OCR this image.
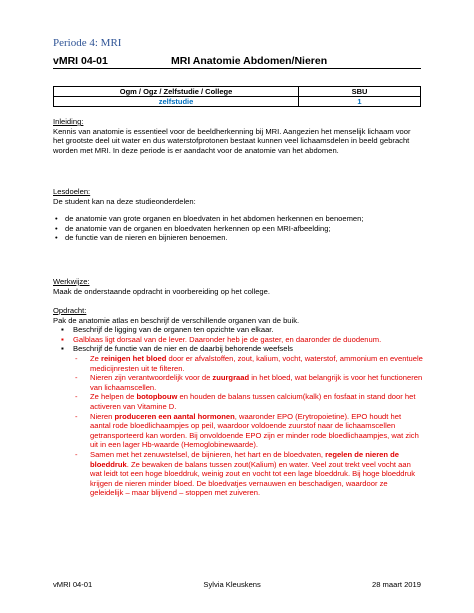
Periode 4: MRI
vMRI 04-01	MRI Anatomie Abdomen/Nieren
Ogm / Ogz / Zelfstudie / College	SBU
zelfstudie	1

Inleiding:

Kennis van anatomie is essentieel voor de beeldherkenning bij MRI. Aangezien het menselijk lichaam voor het grootste deel uit water en dus waterstofprotonen bestaat kunnen veel lichaamsdelen in beeld gebracht worden met MRI. In deze periode is er aandacht voor de anatomie van het abdomen.

Lesdoelen:

De student kan na deze studieonderdelen:

• de anatomie van grote organen en bloedvaten in het abdomen herkennen en benoemen;
• de anatomie van de organen en bloedvaten herkennen op een MRI-afbeelding;
• de functie van de nieren en bijnieren benoemen.

Werkwijze:

Maak de onderstaande opdracht in voorbereiding op het college.

Opdracht:

Pak de anatomie atlas en beschrijf de verschillende organen van de buik.

▪ Beschrijf de ligging van de organen ten opzichte van elkaar.
▪ Galblaas ligt dorsaal van de lever. Daaronder heb je de gaster, en daaronder de duodenum.
▪ Beschrijf de functie van de nier en de daarbij behorende weefsels
- Ze reinigen het bloed door er afvalstoffen, zout, kalium, vocht, waterstof, ammonium en eventuele medicijnresten uit te filteren.
- Nieren zijn verantwoordelijk voor de zuurgraad in het bloed, wat belangrijk is voor het functioneren van lichaamscellen.
- Ze helpen de botopbouw en houden de balans tussen calcium(kalk) en fosfaat in stand door het activeren van Vitamine D.
- Nieren produceren een aantal hormonen, waaronder EPO (Erytropoietine). EPO houdt het aantal rode bloedlichaampjes op peil, waardoor voldoende zuurstof naar de lichaamscellen getransporteerd kan worden. Bij onvoldoende EPO zijn er minder rode bloedlichaampjes, wat zich uit in een lager Hb-waarde (Hemoglobinewaarde).
- Samen met het zenuwstelsel, de bijnieren, het hart en de bloedvaten, regelen de nieren de bloeddruk. Ze bewaken de balans tussen zout(Kalium) en water. Veel zout trekt veel vocht aan wat leidt tot een hoge bloeddruk, weinig zout en vocht tot een lage bloeddruk. Bij hoge bloeddruk krijgen de nieren minder bloed. De bloedvatjes vernauwen en beschadigen, waardoor ze geleidelijk – maar blijvend – stoppen met zuiveren.
vMRI 04-01	Sylvia Kleuskens	28 maart 2019
